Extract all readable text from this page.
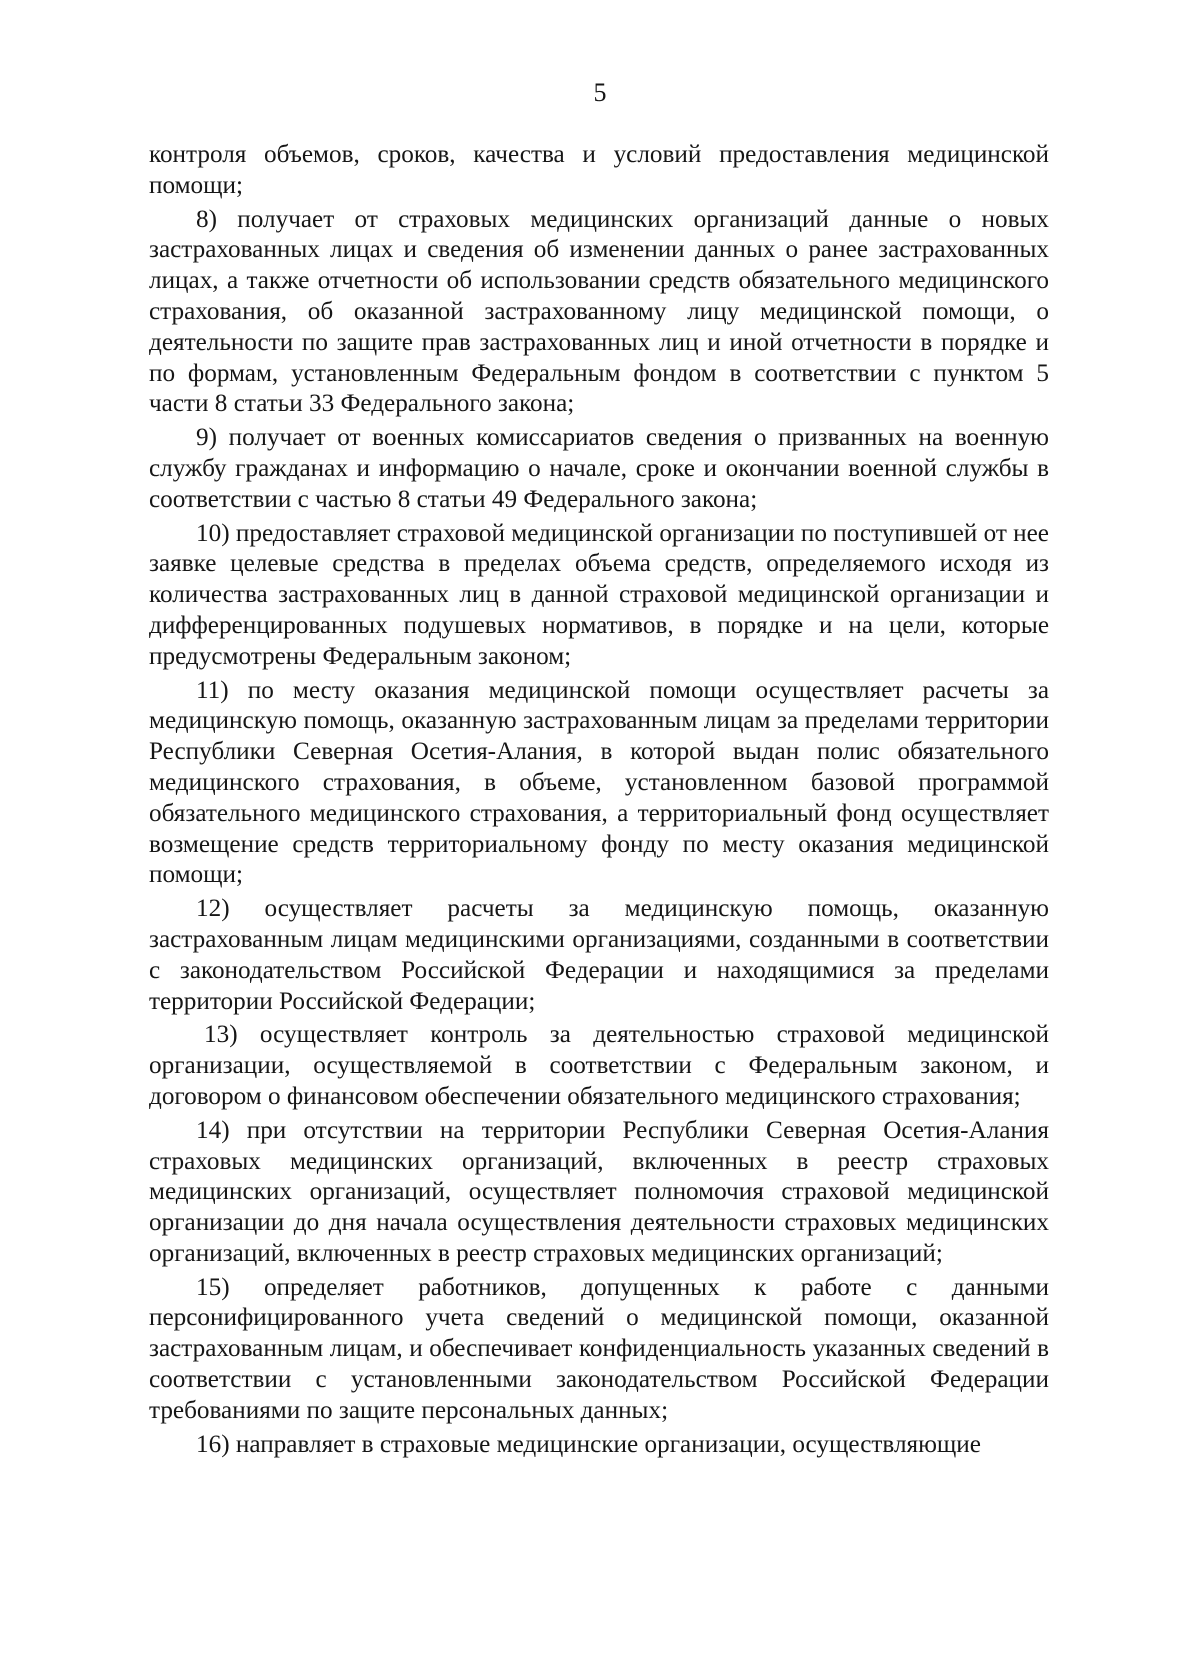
5

контроля объемов, сроков, качества и условий предоставления медицинской помощи;

8) получает от страховых медицинских организаций данные о новых застрахованных лицах и сведения об изменении данных о ранее застрахованных лицах, а также отчетности об использовании средств обязательного медицинского страхования, об оказанной застрахованному лицу медицинской помощи, о деятельности по защите прав застрахованных лиц и иной отчетности в порядке и по формам, установленным Федеральным фондом в соответствии с пунктом 5 части 8 статьи 33 Федерального закона;

9) получает от военных комиссариатов сведения о призванных на военную службу гражданах и информацию о начале, сроке и окончании военной службы в соответствии с частью 8 статьи 49 Федерального закона;

10) предоставляет страховой медицинской организации по поступившей от нее заявке целевые средства в пределах объема средств, определяемого исходя из количества застрахованных лиц в данной страховой медицинской организации и дифференцированных подушевых нормативов, в порядке и на цели, которые предусмотрены Федеральным законом;

11) по месту оказания медицинской помощи осуществляет расчеты за медицинскую помощь, оказанную застрахованным лицам за пределами территории Республики Северная Осетия-Алания, в которой выдан полис обязательного медицинского страхования, в объеме, установленном базовой программой обязательного медицинского страхования, а территориальный фонд осуществляет возмещение средств территориальному фонду по месту оказания медицинской помощи;

12) осуществляет расчеты за медицинскую помощь, оказанную застрахованным лицам медицинскими организациями, созданными в соответствии с законодательством Российской Федерации и находящимися за пределами территории Российской Федерации;

13) осуществляет контроль за деятельностью страховой медицинской организации, осуществляемой в соответствии с Федеральным законом, и договором о финансовом обеспечении обязательного медицинского страхования;

14) при отсутствии на территории Республики Северная Осетия-Алания страховых медицинских организаций, включенных в реестр страховых медицинских организаций, осуществляет полномочия страховой медицинской организации до дня начала осуществления деятельности страховых медицинских организаций, включенных в реестр страховых медицинских организаций;

15) определяет работников, допущенных к работе с данными персонифицированного учета сведений о медицинской помощи, оказанной застрахованным лицам, и обеспечивает конфиденциальность указанных сведений в соответствии с установленными законодательством Российской Федерации требованиями по защите персональных данных;

16) направляет в страховые медицинские организации, осуществляющие
